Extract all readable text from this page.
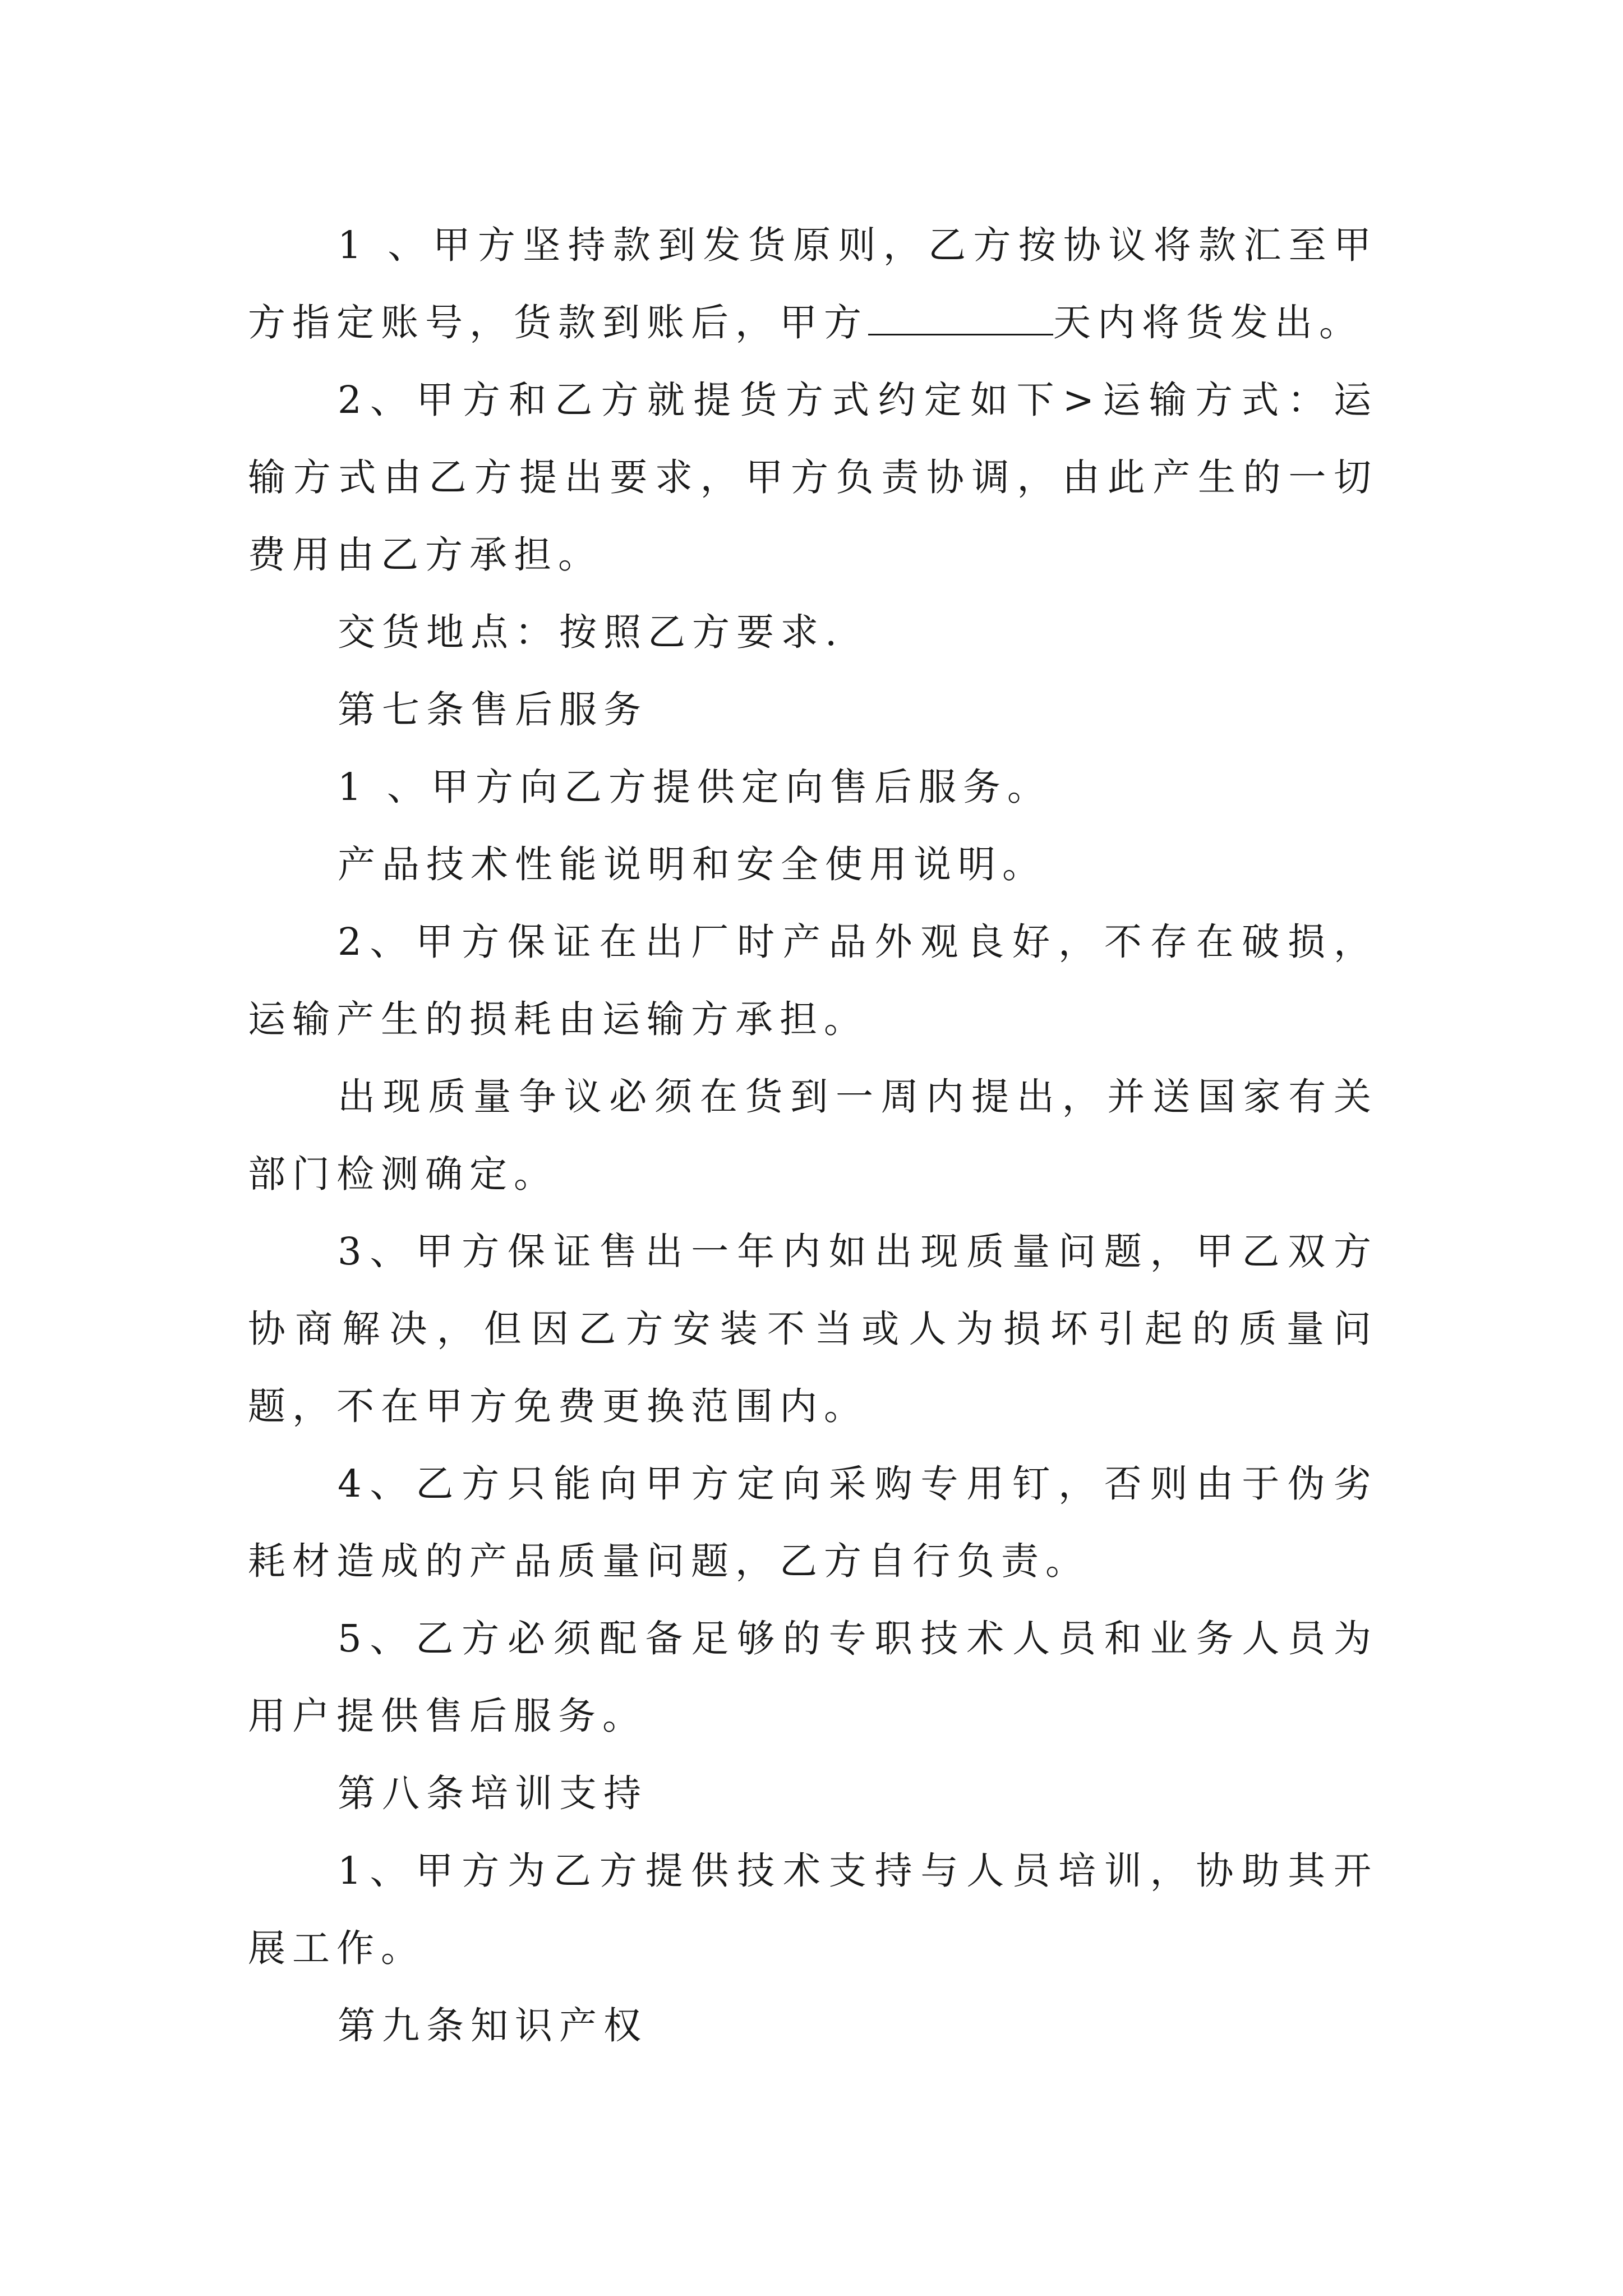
1 、甲方坚持款到发货原则，乙方按协议将款汇至甲方指定账号，货款到账后，甲方	天内将货发出。

2、甲方和乙方就提货方式约定如下>运输方式：运输方式由乙方提出要求，甲方负责协调，由此产生的一切费用由乙方承担。

交货地点：按照乙方要求.

第七条售后服务

1 、甲方向乙方提供定向售后服务。

产品技术性能说明和安全使用说明。

2、甲方保证在出厂时产品外观良好，不存在破损，运输产生的损耗由运输方承担。

出现质量争议必须在货到一周内提出，并送国家有关部门检测确定。

3、甲方保证售出一年内如出现质量问题，甲乙双方协商解决，但因乙方安装不当或人为损坏引起的质量问题，不在甲方免费更换范围内。

4、乙方只能向甲方定向采购专用钉，否则由于伪劣耗材造成的产品质量问题，乙方自行负责。

5、乙方必须配备足够的专职技术人员和业务人员为用户提供售后服务。

第八条培训支持

1、甲方为乙方提供技术支持与人员培训，协助其开展工作。

第九条知识产权
